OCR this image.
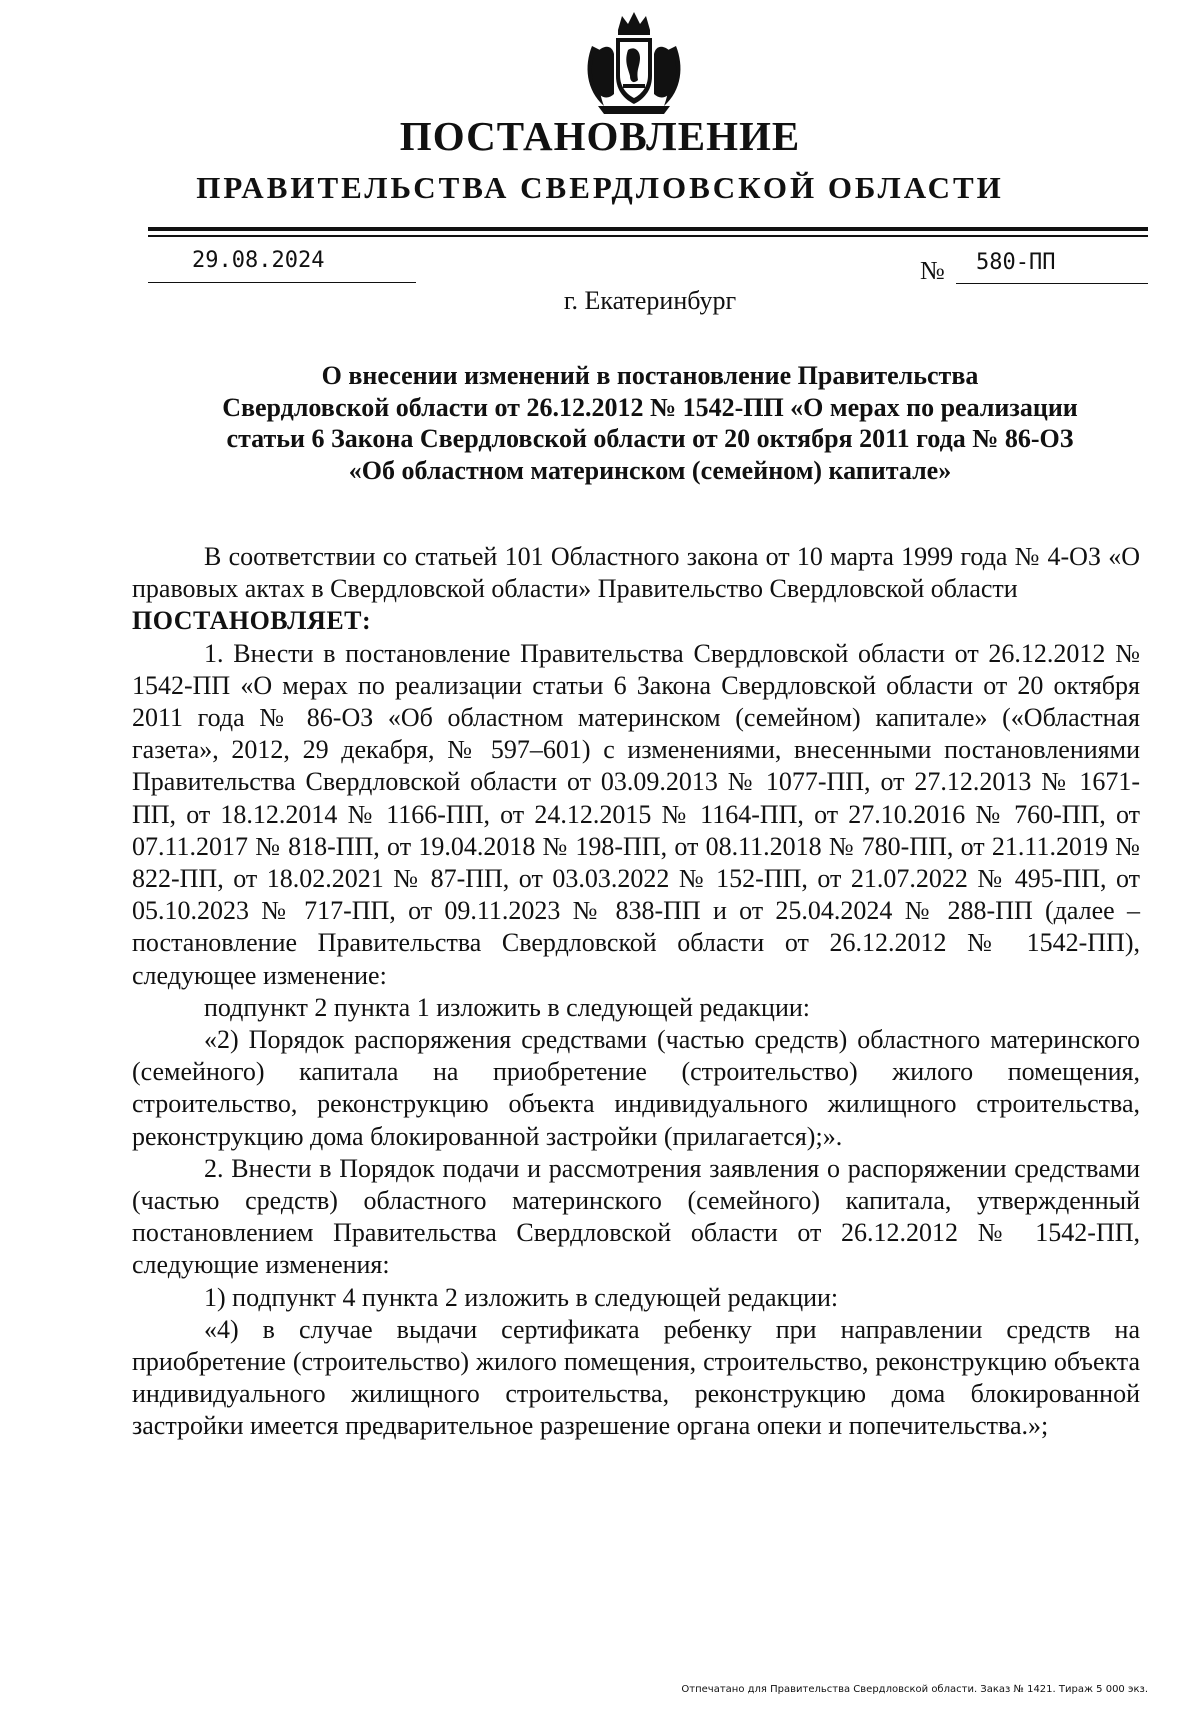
ПОСТАНОВЛЕНИЕ
ПРАВИТЕЛЬСТВА СВЕРДЛОВСКОЙ ОБЛАСТИ
29.08.2024	№	580-ПП
г. Екатеринбург
О внесении изменений в постановление Правительства
Свердловской области от 26.12.2012 № 1542-ПП «О мерах по реализации
статьи 6 Закона Свердловской области от 20 октября 2011 года № 86-ОЗ
«Об областном материнском (семейном) капитале»

В соответствии со статьей 101 Областного закона от 10 марта 1999 года № 4-ОЗ «О правовых актах в Свердловской области» Правительство Свердловской области

ПОСТАНОВЛЯЕТ:

1. Внести в постановление Правительства Свердловской области от 26.12.2012 № 1542-ПП «О мерах по реализации статьи 6 Закона Свердловской области от 20 октября 2011 года № 86-ОЗ «Об областном материнском (семейном) капитале» («Областная газета», 2012, 29 декабря, № 597–601) с изменениями, внесенными постановлениями Правительства Свердловской области от 03.09.2013 № 1077-ПП, от 27.12.2013 № 1671-ПП, от 18.12.2014 № 1166-ПП, от 24.12.2015 № 1164-ПП, от 27.10.2016 № 760-ПП, от 07.11.2017 № 818-ПП, от 19.04.2018 № 198-ПП, от 08.11.2018 № 780-ПП, от 21.11.2019 № 822-ПП, от 18.02.2021 № 87-ПП, от 03.03.2022 № 152-ПП, от 21.07.2022 № 495-ПП, от 05.10.2023 № 717-ПП, от 09.11.2023 № 838-ПП и от 25.04.2024 № 288-ПП (далее – постановление Правительства Свердловской области от 26.12.2012 № 1542-ПП), следующее изменение:

подпункт 2 пункта 1 изложить в следующей редакции:

«2) Порядок распоряжения средствами (частью средств) областного материнского (семейного) капитала на приобретение (строительство) жилого помещения, строительство, реконструкцию объекта индивидуального жилищного строительства, реконструкцию дома блокированной застройки (прилагается);».

2. Внести в Порядок подачи и рассмотрения заявления о распоряжении средствами (частью средств) областного материнского (семейного) капитала, утвержденный постановлением Правительства Свердловской области от 26.12.2012 № 1542-ПП, следующие изменения:

1) подпункт 4 пункта 2 изложить в следующей редакции:

«4) в случае выдачи сертификата ребенку при направлении средств на приобретение (строительство) жилого помещения, строительство, реконструкцию объекта индивидуального жилищного строительства, реконструкцию дома блокированной застройки имеется предварительное разрешение органа опеки и попечительства.»;

Отпечатано для Правительства Свердловской области. Заказ № 1421. Тираж 5 000 экз.
